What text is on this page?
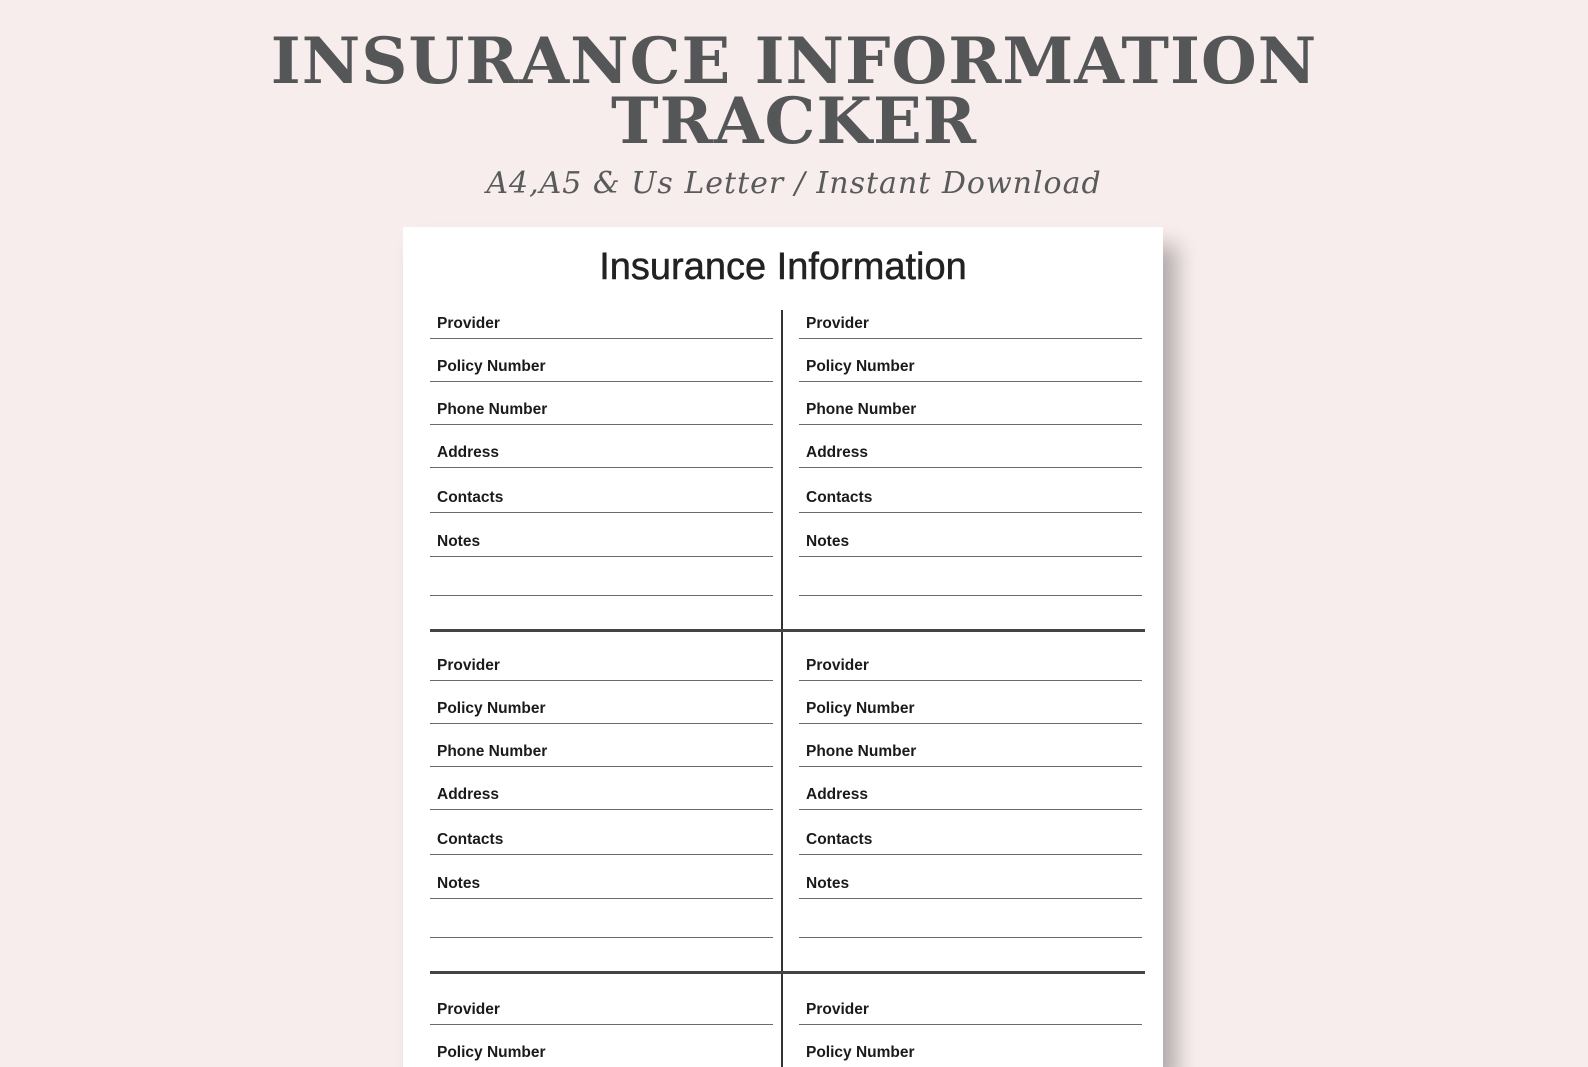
INSURANCE INFORMATION
TRACKER
A4,A5 & Us Letter / Instant Download
Insurance Information
Provider
Policy Number
Phone Number
Address
Contacts
Notes
Provider
Policy Number
Phone Number
Address
Contacts
Notes
Provider
Policy Number
Phone Number
Address
Contacts
Notes
Provider
Policy Number
Phone Number
Address
Contacts
Notes
Provider
Policy Number
Provider
Policy Number
